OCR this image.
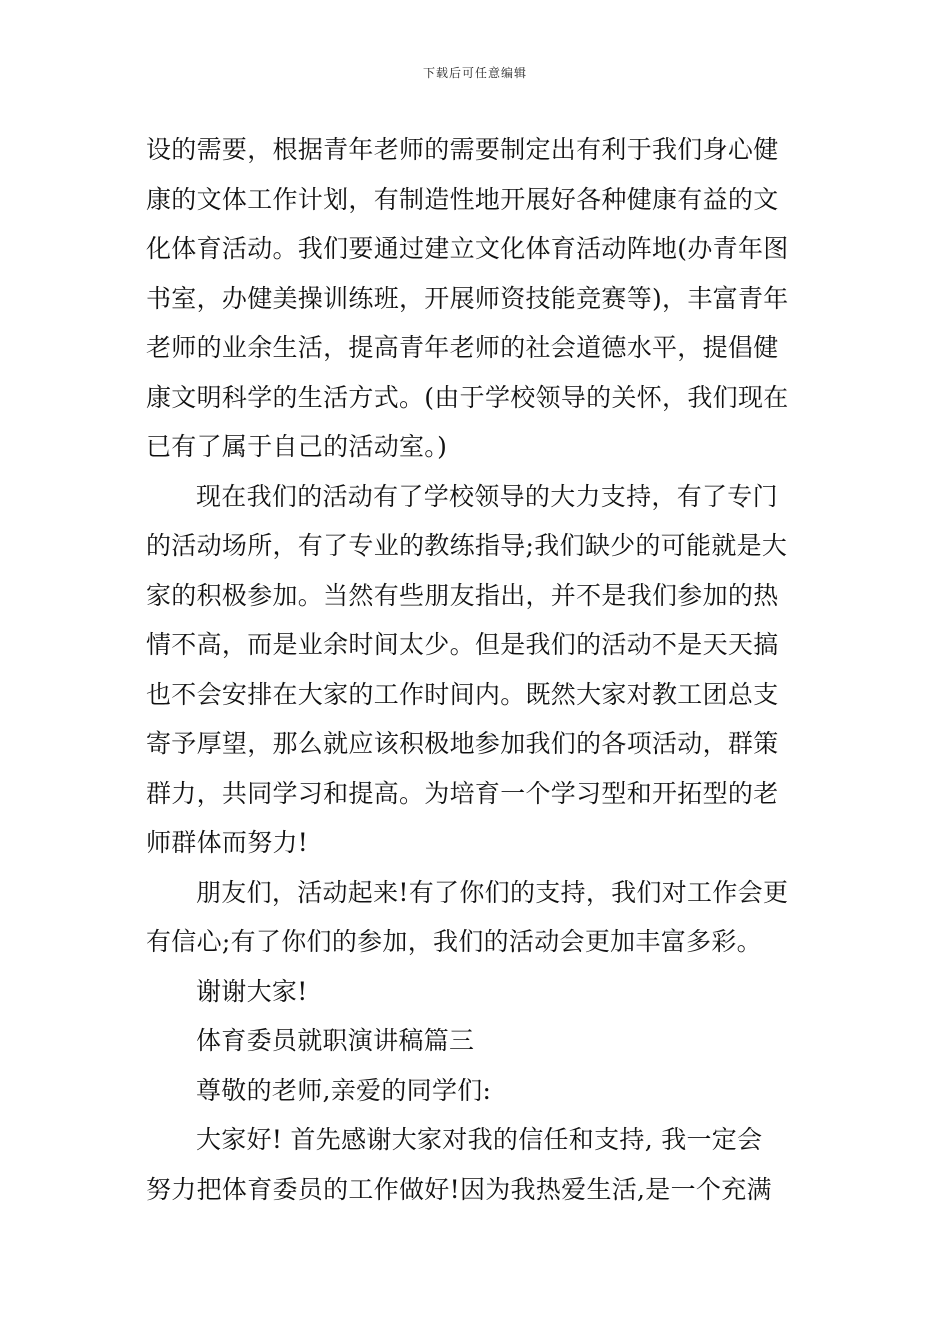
下载后可任意编辑
设的需要，根据青年老师的需要制定出有利于我们身心健
康的文体工作计划，有制造性地开展好各种健康有益的文
化体育活动。我们要通过建立文化体育活动阵地(办青年图
书室，办健美操训练班，开展师资技能竞赛等)，丰富青年
老师的业余生活，提高青年老师的社会道德水平，提倡健
康文明科学的生活方式。(由于学校领导的关怀，我们现在
已有了属于自己的活动室。)
现在我们的活动有了学校领导的大力支持，有了专门
的活动场所，有了专业的教练指导;我们缺少的可能就是大
家的积极参加。当然有些朋友指出，并不是我们参加的热
情不高，而是业余时间太少。但是我们的活动不是天天搞
也不会安排在大家的工作时间内。既然大家对教工团总支
寄予厚望，那么就应该积极地参加我们的各项活动，群策
群力，共同学习和提高。为培育一个学习型和开拓型的老
师群体而努力!
朋友们，活动起来!有了你们的支持，我们对工作会更
有信心;有了你们的参加，我们的活动会更加丰富多彩。
谢谢大家!
体育委员就职演讲稿篇三
尊敬的老师,亲爱的同学们:
大家好! 首先感谢大家对我的信任和支持, 我一定会
努力把体育委员的工作做好!因为我热爱生活,是一个充满
